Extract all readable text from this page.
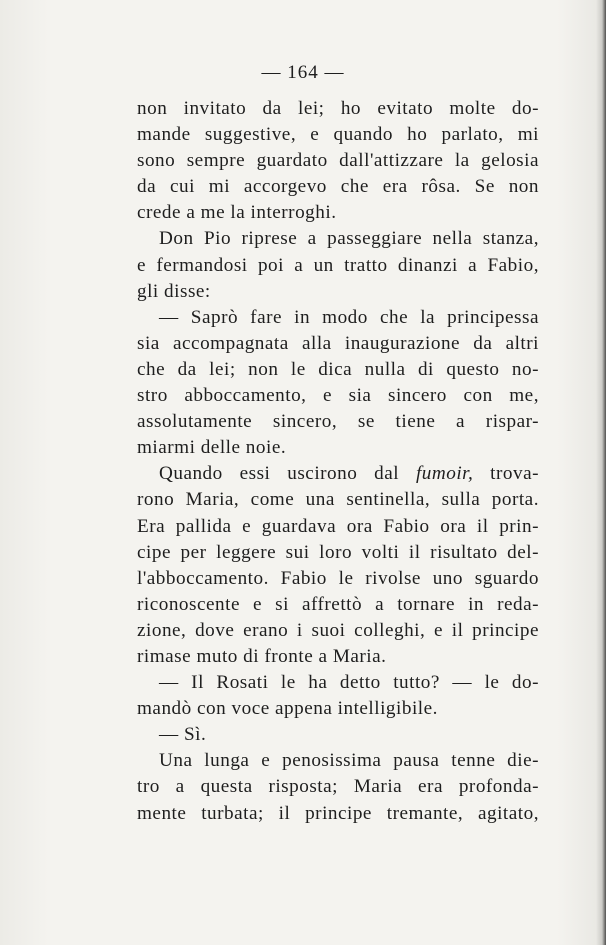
— 164 —
non invitato da lei; ho evitato molte do-
mande suggestive, e quando ho parlato, mi
sono sempre guardato dall'attizzare la gelosia
da cui mi accorgevo che era rôsa. Se non
crede a me la interroghi.
Don Pio riprese a passeggiare nella stanza,
e fermandosi poi a un tratto dinanzi a Fabio,
gli disse:
— Saprò fare in modo che la principessa
sia accompagnata alla inaugurazione da altri
che da lei; non le dica nulla di questo no-
stro abboccamento, e sia sincero con me,
assolutamente sincero, se tiene a rispar-
miarmi delle noie.
Quando essi uscirono dal fumoir, trova-
rono Maria, come una sentinella, sulla porta.
Era pallida e guardava ora Fabio ora il prin-
cipe per leggere sui loro volti il risultato del-
l'abboccamento. Fabio le rivolse uno sguardo
riconoscente e si affrettò a tornare in reda-
zione, dove erano i suoi colleghi, e il principe
rimase muto di fronte a Maria.
— Il Rosati le ha detto tutto? — le do-
mandò con voce appena intelligibile.
— Sì.
Una lunga e penosissima pausa tenne die-
tro a questa risposta; Maria era profonda-
mente turbata; il principe tremante, agitato,
